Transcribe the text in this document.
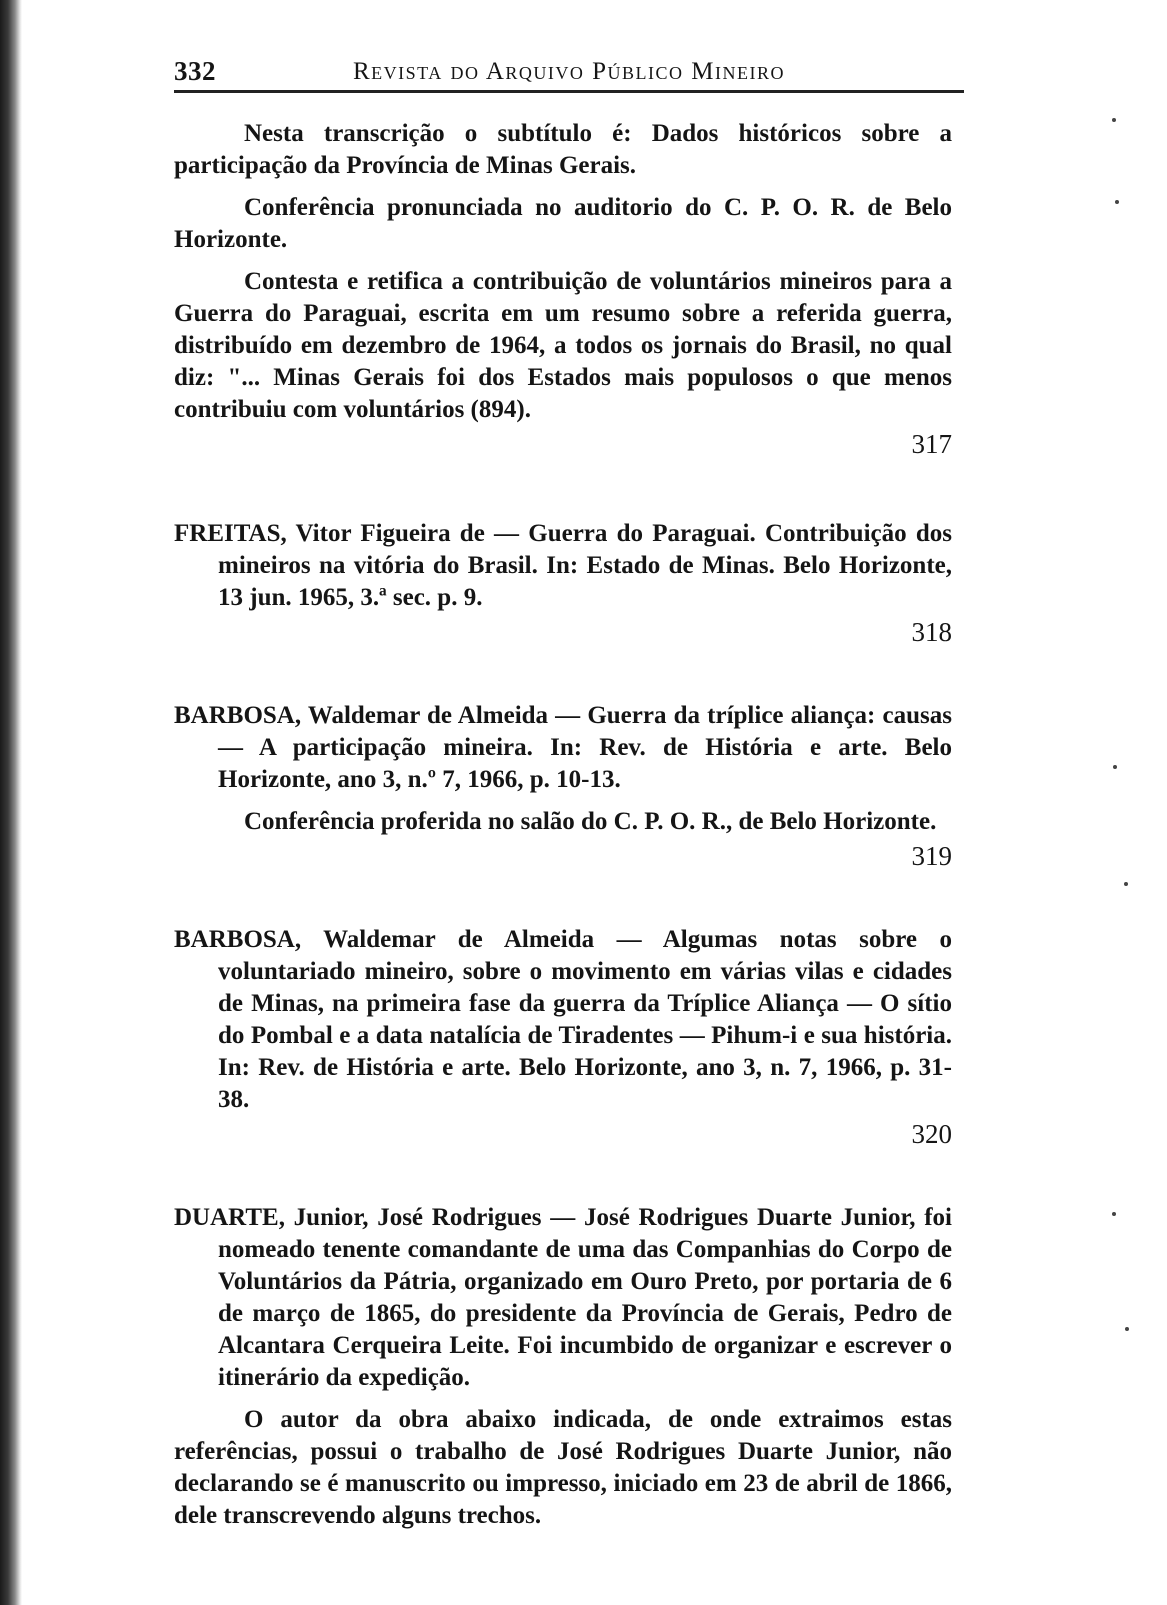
332	Revista do Arquivo Público Mineiro

Nesta transcrição o subtítulo é: Dados históricos sobre a participação da Província de Minas Gerais.

Conferência pronunciada no auditorio do C. P. O. R. de Belo Horizonte.

Contesta e retifica a contribuição de voluntários mineiros para a Guerra do Paraguai, escrita em um resumo sobre a referida guerra, distribuído em dezembro de 1964, a todos os jornais do Brasil, no qual diz: "... Minas Gerais foi dos Estados mais populosos o que menos contribuiu com voluntários (894).

317

FREITAS, Vitor Figueira de — Guerra do Paraguai. Contribuição dos mineiros na vitória do Brasil. In: Estado de Minas. Belo Horizonte, 13 jun. 1965, 3.ª sec. p. 9.

318

BARBOSA, Waldemar de Almeida — Guerra da tríplice aliança: causas — A participação mineira. In: Rev. de História e arte. Belo Horizonte, ano 3, n.º 7, 1966, p. 10-13.

Conferência proferida no salão do C. P. O. R., de Belo Horizonte.

319

BARBOSA, Waldemar de Almeida — Algumas notas sobre o voluntariado mineiro, sobre o movimento em várias vilas e cidades de Minas, na primeira fase da guerra da Tríplice Aliança — O sítio do Pombal e a data natalícia de Tiradentes — Pihum-i e sua história. In: Rev. de História e arte. Belo Horizonte, ano 3, n. 7, 1966, p. 31-38.

320

DUARTE, Junior, José Rodrigues — José Rodrigues Duarte Junior, foi nomeado tenente comandante de uma das Companhias do Corpo de Voluntários da Pátria, organizado em Ouro Preto, por portaria de 6 de março de 1865, do presidente da Província de Gerais, Pedro de Alcantara Cerqueira Leite. Foi incumbido de organizar e escrever o itinerário da expedição.

O autor da obra abaixo indicada, de onde extraimos estas referências, possui o trabalho de José Rodrigues Duarte Junior, não declarando se é manuscrito ou impresso, iniciado em 23 de abril de 1866, dele transcrevendo alguns trechos.
